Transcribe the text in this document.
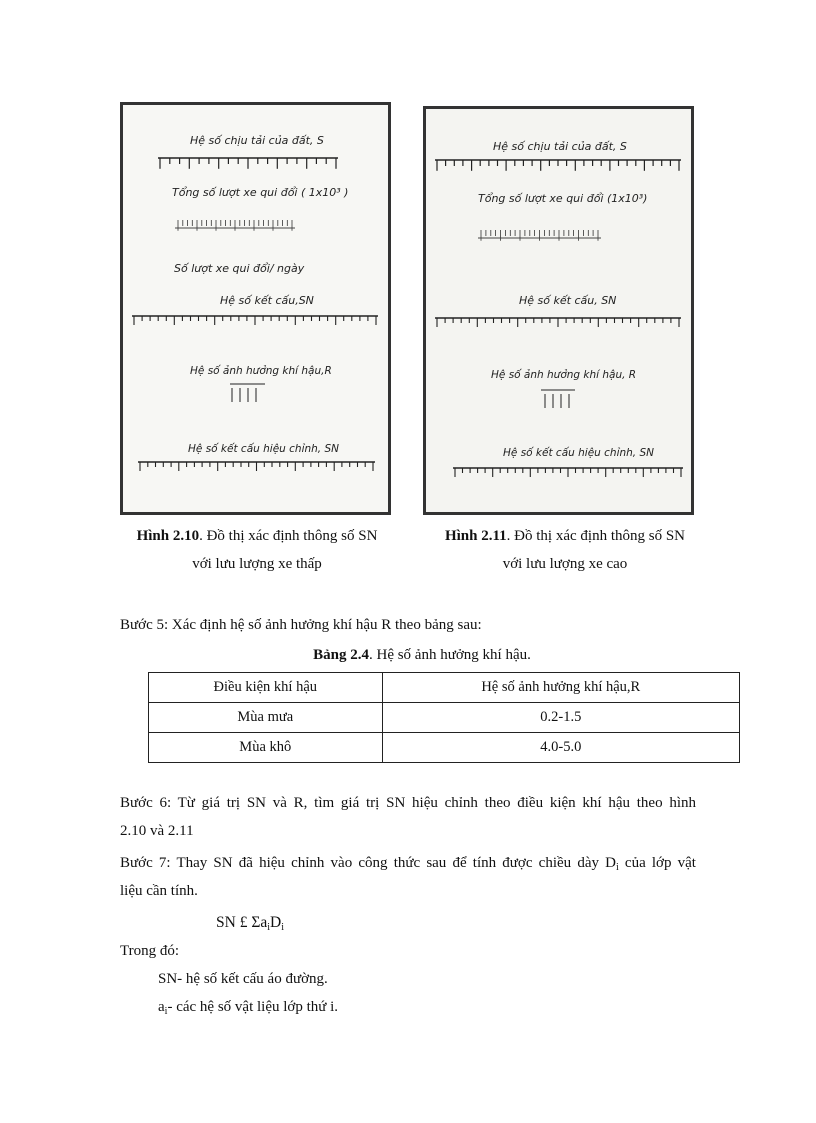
Hệ số chịu tải của đất, S
Tổng số lượt xe qui đổi ( 1x10³ )
Số lượt xe qui đổi/ ngày
Hệ số kết cấu,SN
Hệ số ảnh hưởng khí hậu,R
Hệ số kết cấu hiệu chỉnh, SN
Hệ số chịu tải của đất, S
Tổng số lượt xe qui đổi (1x10³)
Hệ số kết cấu, SN
Hệ số ảnh hưởng khí hậu, R
Hệ số kết cấu hiệu chỉnh, SN
Hình 2.10. Đồ thị xác định thông số SN
với lưu lượng xe thấp
Hình 2.11. Đồ thị xác định thông số SN
với lưu lượng xe cao
Bước 5: Xác định hệ số ảnh hưởng khí hậu R theo bảng sau:
Bảng 2.4. Hệ số ảnh hưởng khí hậu.
Điều kiện khí hậu	Hệ số ảnh hưởng khí hậu,R
Mùa mưa	0.2-1.5
Mùa khô	4.0-5.0
Bước 6: Từ giá trị SN và R, tìm giá trị SN hiệu chỉnh theo điều kiện khí hậu theo hình
2.10 và 2.11
Bước 7: Thay SN đã hiệu chỉnh vào công thức sau để tính được chiều dày $D_i$ của lớp vật
liệu cần tính.
SN £ $\Sigma a_iD_i$
Trong đó:
SN- hệ số kết cấu áo đường.
$a_i-$ các hệ số vật liệu lớp thứ i.
